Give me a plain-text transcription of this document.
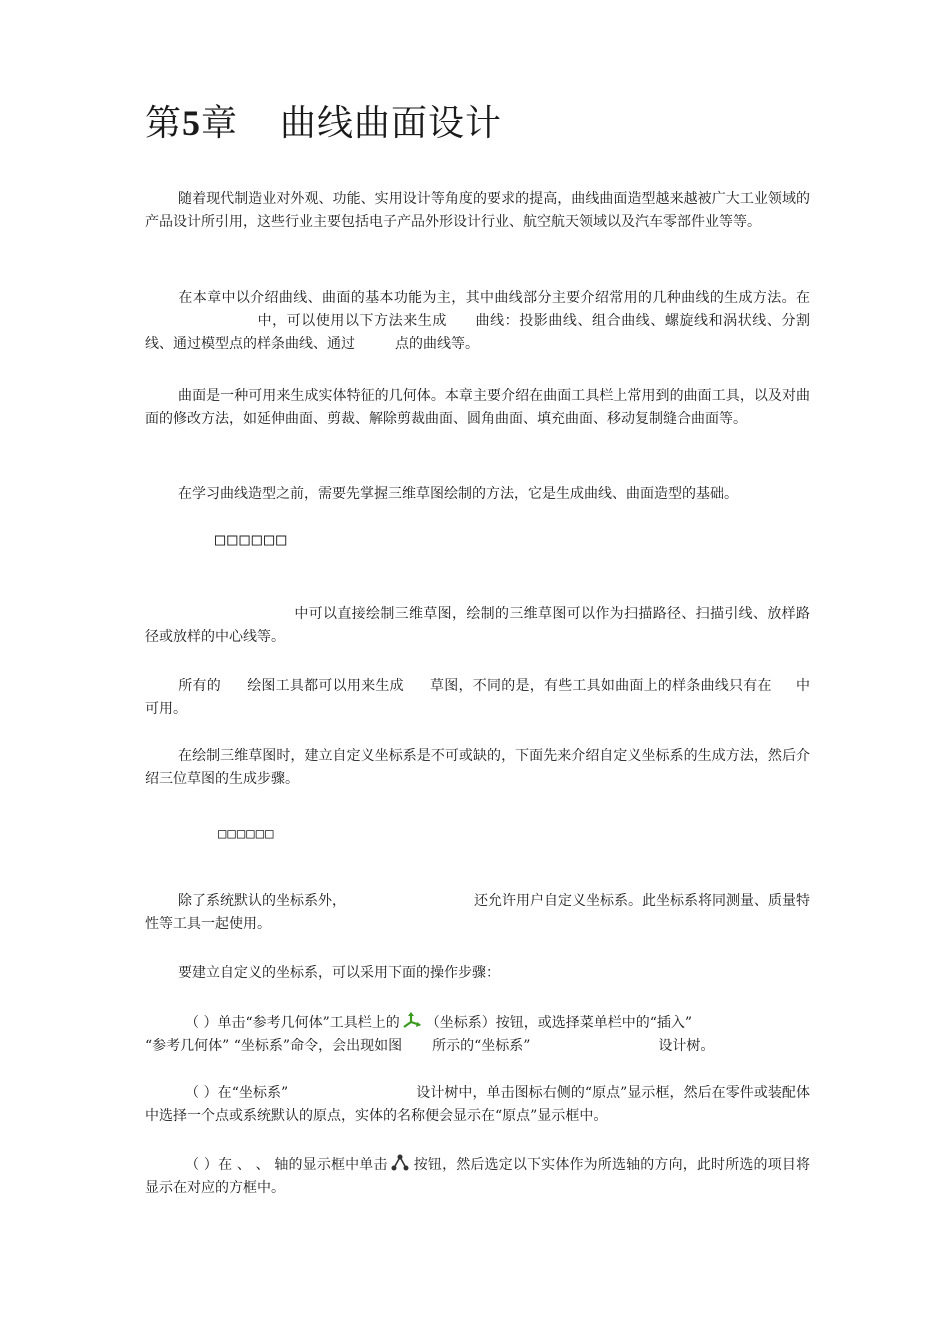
第5章 曲线曲面设计

随着现代制造业对外观、功能、实用设计等角度的要求的提高，曲线曲面造型越来越被广大工业领域的产品设计所引用，这些行业主要包括电子产品外形设计行业、航空航天领域以及汽车零部件业等等。

在本章中以介绍曲线、曲面的基本功能为主，其中曲线部分主要介绍常用的几种曲线的生成方法。在中，可以使用以下方法来生成 曲线：投影曲线、组合曲线、螺旋线和涡状线、分割线、通过模型点的样条曲线、通过	点的曲线等。

曲面是一种可用来生成实体特征的几何体。本章主要介绍在曲面工具栏上常用到的曲面工具，以及对曲面的修改方法，如延伸曲面、剪裁、解除剪裁曲面、圆角曲面、填充曲面、移动复制缝合曲面等。

在学习曲线造型之前，需要先掌握三维草图绘制的方法，它是生成曲线、曲面造型的基础。

□□□□□□

中可以直接绘制三维草图，绘制的三维草图可以作为扫描路径、扫描引线、放样路径或放样的中心线等。

所有的 绘图工具都可以用来生成 草图，不同的是，有些工具如曲面上的样条曲线只有在 中可用。

在绘制三维草图时，建立自定义坐标系是不可或缺的，下面先来介绍自定义坐标系的生成方法，然后介绍三位草图的生成步骤。

□□□□□□

除了系统默认的坐标系外，	还允许用户自定义坐标系。此坐标系将同测量、质量特性等工具一起使用。

要建立自定义的坐标系，可以采用下面的操作步骤：

（ ）单击“参考几何体”工具栏上的 （坐标系）按钮，或选择菜单栏中的“插入”
“参考几何体” “坐标系”命令，会出现如图 所示的“坐标系”	设计树。

（ ）在“坐标系”	设计树中，单击图标右侧的“原点”显示框，然后在零件或装配体中选择一个点或系统默认的原点，实体的名称便会显示在“原点”显示框中。

（ ）在 、 、 轴的显示框中单击 按钮，然后选定以下实体作为所选轴的方向，此时所选的项目将显示在对应的方框中。
